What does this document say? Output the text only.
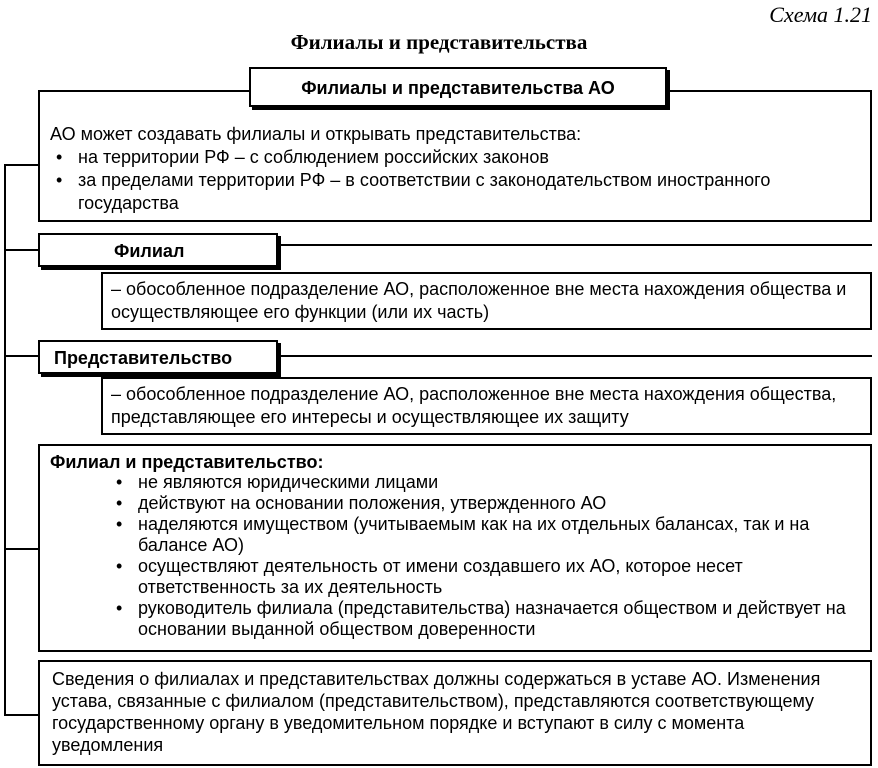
Схема 1.21
Филиалы и представительства
АО может создавать филиалы и открывать представительства:
• на территории РФ – с соблюдением российских законов
• за пределами территории РФ – в соответствии с законодательством иностранного государства
Филиалы и представительства АО
Филиал
– обособленное подразделение АО, расположенное вне места нахождения общества и осуществляющее его функции (или их часть)
Представительство
– обособленное подразделение АО, расположенное вне места нахождения общества, представляющее его интересы и осуществляющее их защиту
Филиал и представительство:
• не являются юридическими лицами
• действуют на основании положения, утвержденного АО
• наделяются имуществом (учитываемым как на их отдельных балансах, так и на балансе АО)
• осуществляют деятельность от имени создавшего их АО, которое несет ответственность за их деятельность
• руководитель филиала (представительства) назначается обществом и действует на основании выданной обществом доверенности
Сведения о филиалах и представительствах должны содержаться в уставе АО. Изменения устава, связанные с филиалом (представительством), представляются соответствующему государственному органу в уведомительном порядке и вступают в силу с момента уведомления
